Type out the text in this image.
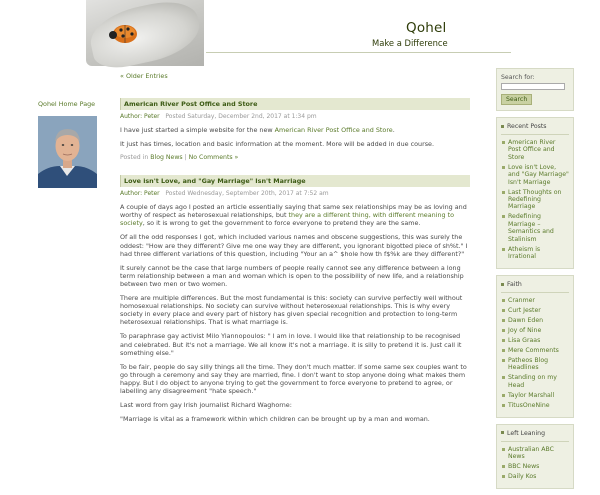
Qohel
Make a Difference
Qohel Home Page
« Older Entries
American River Post Office and Store
Author: Peter Posted Saturday, December 2nd, 2017 at 1:34 pm
I have just started a simple website for the new American River Post Office and Store.
It just has times, location and basic information at the moment. More will be added in due course.
Posted in Blog News | No Comments »
Love isn't Love, and "Gay Marriage" Isn't Marriage
Author: Peter Posted Wednesday, September 20th, 2017 at 7:52 am
A couple of days ago I posted an article essentially saying that same sex relationships may be as loving and worthy of respect as heterosexual relationships, but they are a different thing, with different meaning to society, so it is wrong to get the government to force everyone to pretend they are the same.
Of all the odd responses I got, which included various names and obscene suggestions, this was surely the oddest: "How are they different? Give me one way they are different, you ignorant bigotted piece of sh%t." I had three different variations of this question, including "Your an a^ $hole how th f$%k are they different?"
It surely cannot be the case that large numbers of people really cannot see any difference between a long term relationship between a man and woman which is open to the possibility of new life, and a relationship between two men or two women.
There are multiple differences. But the most fundamental is this: society can survive perfectly well without homosexual relationships. No society can survive without heterosexual relationships. This is why every society in every place and every part of history has given special recognition and protection to long-term heterosexual relationships. That is what marriage is.
To paraphrase gay activist Milo Yiannopoulos: " I am in love. I would like that relationship to be recognised and celebrated. But it's not a marriage. We all know it's not a marriage. it is silly to pretend it is. Just call it something else."
To be fair, people do say silly things all the time. They don't much matter. If some same sex couples want to go through a ceremony and say they are married, fine. I don't want to stop anyone doing what makes them happy. But I do object to anyone trying to get the government to force everyone to pretend to agree, or labelling any disagreement "hate speech."
Last word from gay Irish journalist Richard Waghorne:
"Marriage is vital as a framework within which children can be brought up by a man and woman.
Search for:
Search
Recent Posts
American River Post Office and Store
Love isn't Love, and "Gay Marriage" Isn't Marriage
Last Thoughts on Redefining Marriage
Redefining Marriage – Semantics and Stalinism
Atheism is Irrational
Faith
Cranmer
Curt Jester
Dawn Eden
Joy of Nine
Lisa Graas
Mere Comments
Patheos Blog Headlines
Standing on my Head
Taylor Marshall
TitusOneNine
Left Leaning
Australian ABC News
BBC News
Daily Kos
